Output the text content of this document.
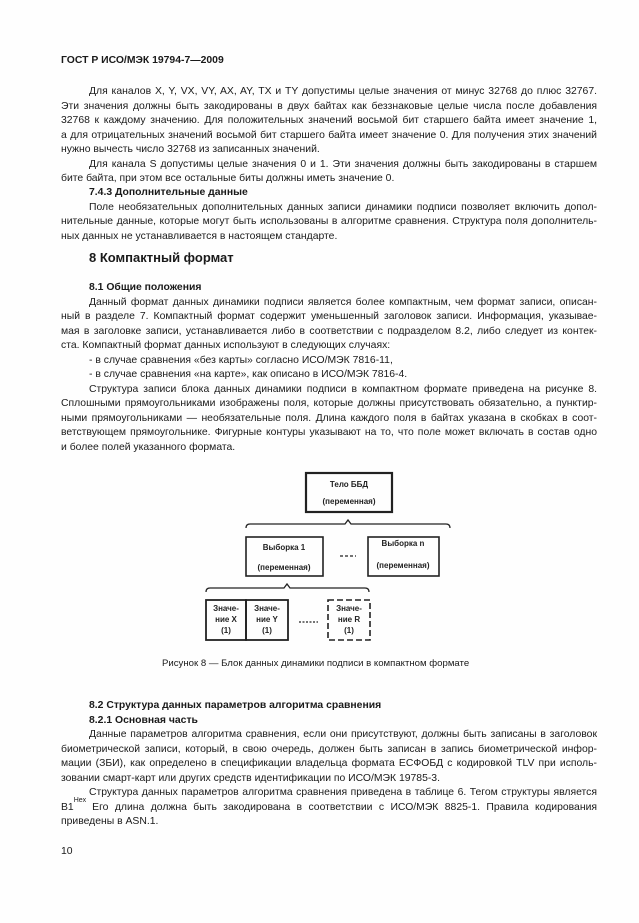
ГОСТ Р ИСО/МЭК 19794-7—2009
Для каналов X, Y, VX, VY, AX, AY, TX и TY допустимы целые значения от минус 32768 до плюс 32767.
Эти значения должны быть закодированы в двух байтах как беззнаковые целые числа после добавления
32768 к каждому значению. Для положительных значений восьмой бит старшего байта имеет значение 1,
а для отрицательных значений восьмой бит старшего байта имеет значение 0. Для получения этих значений
нужно вычесть число 32768 из записанных значений.
Для канала S допустимы целые значения 0 и 1. Эти значения должны быть закодированы в старшем
бите байта, при этом все остальные биты должны иметь значение 0.
7.4.3 Дополнительные данные
Поле необязательных дополнительных данных записи динамики подписи позволяет включить допол-
нительные данные, которые могут быть использованы в алгоритме сравнения. Структура поля дополнитель-
ных данных не устанавливается в настоящем стандарте.
8 Компактный формат
8.1 Общие положения
Данный формат данных динамики подписи является более компактным, чем формат записи, описан-
ный в разделе 7. Компактный формат содержит уменьшенный заголовок записи. Информация, указывае-
мая в заголовке записи, устанавливается либо в соответствии с подразделом 8.2, либо следует из контек-
ста. Компактный формат данных используют в следующих случаях:
- в случае сравнения «без карты» согласно ИСО/МЭК 7816-11,
- в случае сравнения «на карте», как описано в ИСО/МЭК 7816-4.
Структура записи блока данных динамики подписи в компактном формате приведена на рисунке 8.
Сплошными прямоугольниками изображены поля, которые должны присутствовать обязательно, а пунктир-
ными прямоугольниками — необязательные поля. Длина каждого поля в байтах указана в скобках в соот-
ветствующем прямоугольнике. Фигурные контуры указывают на то, что поле может включать в состав одно
и более полей указанного формата.
Тело ББД
(переменная)
Выборка 1
(переменная)
Выборка n
(переменная)
Значе-
ние X
(1)
Значе-
ние Y
(1)
Значе-
ние R
(1)
Рисунок 8 — Блок данных динамики подписи в компактном формате
8.2 Структура данных параметров алгоритма сравнения
8.2.1 Основная часть
Данные параметров алгоритма сравнения, если они присутствуют, должны быть записаны в заголовок
биометрической записи, который, в свою очередь, должен быть записан в запись биометрической инфор-
мации (ЗБИ), как определено в спецификации владельца формата ЕСФОБД с кодировкой TLV при исполь-
зовании смарт-карт или других средств идентификации по ИСО/МЭК 19785-3.
Структура данных параметров алгоритма сравнения приведена в таблице 6. Тегом структуры является
B1
Hex
Его длина должна быть закодирована в соответствии с ИСО/МЭК 8825-1. Правила кодирования
приведены в ASN.1.
10
